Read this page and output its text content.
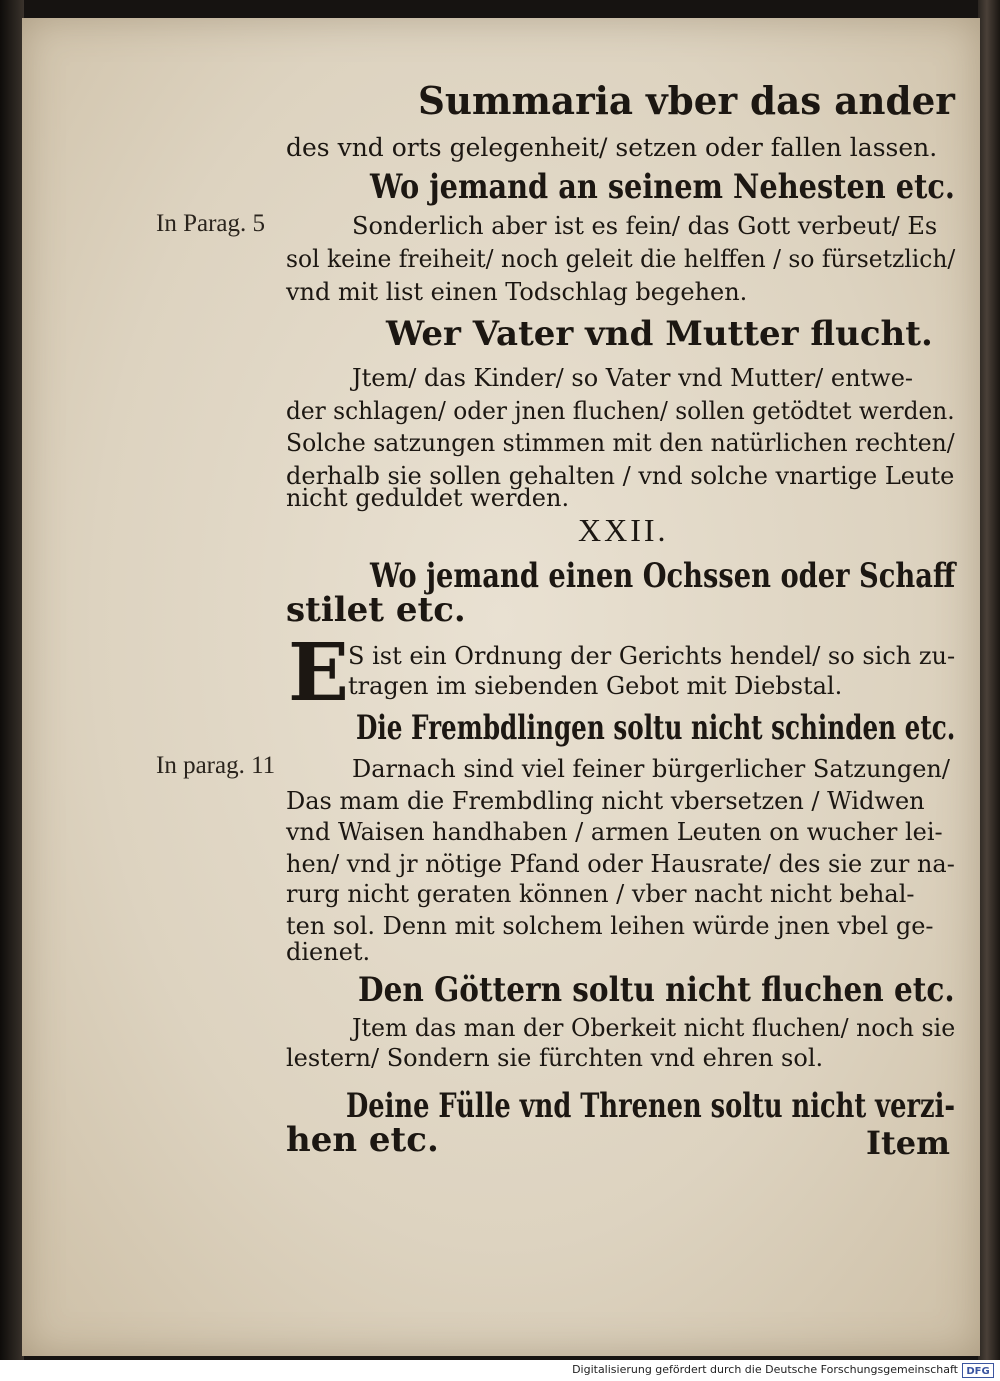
Summaria vber das ander
des vnd orts gelegenheit/ setzen oder fallen lassen.
Wo jemand an seinem Nehesten etc.
In Parag. 5	Sonderlich aber ist es fein/ das Gott verbeut/ Es
sol keine freiheit/ noch geleit die helffen / so fürsetzlich/
vnd mit list einen Todschlag begehen.
Wer Vater vnd Mutter flucht.
Jtem/ das Kinder/ so Vater vnd Mutter/ entwe-
der schlagen/ oder jnen fluchen/ sollen getödtet werden.
Solche satzungen stimmen mit den natürlichen rechten/
derhalb sie sollen gehalten / vnd solche vnartige Leute
nicht geduldet werden.
XXII.
Wo jemand einen Ochssen oder Schaff
stilet etc.
E S ist ein Ordnung der Gerichts hendel/ so sich zu-
tragen im siebenden Gebot mit Diebstal.
Die Frembdlingen soltu nicht schinden etc.
In parag. 11	Darnach sind viel feiner bürgerlicher Satzungen/
Das mam die Frembdling nicht vbersetzen / Widwen
vnd Waisen handhaben / armen Leuten on wucher lei-
hen/ vnd jr nötige Pfand oder Hausrate/ des sie zur na-
rurg nicht geraten können / vber nacht nicht behal-
ten sol. Denn mit solchem leihen würde jnen vbel ge-
dienet.
Den Göttern soltu nicht fluchen etc.
Jtem das man der Oberkeit nicht fluchen/ noch sie
lestern/ Sondern sie fürchten vnd ehren sol.
Deine Fülle vnd Threnen soltu nicht verzi-
hen etc.	Item
Digitalisierung gefördert durch die Deutsche Forschungsgemeinschaft DFG
